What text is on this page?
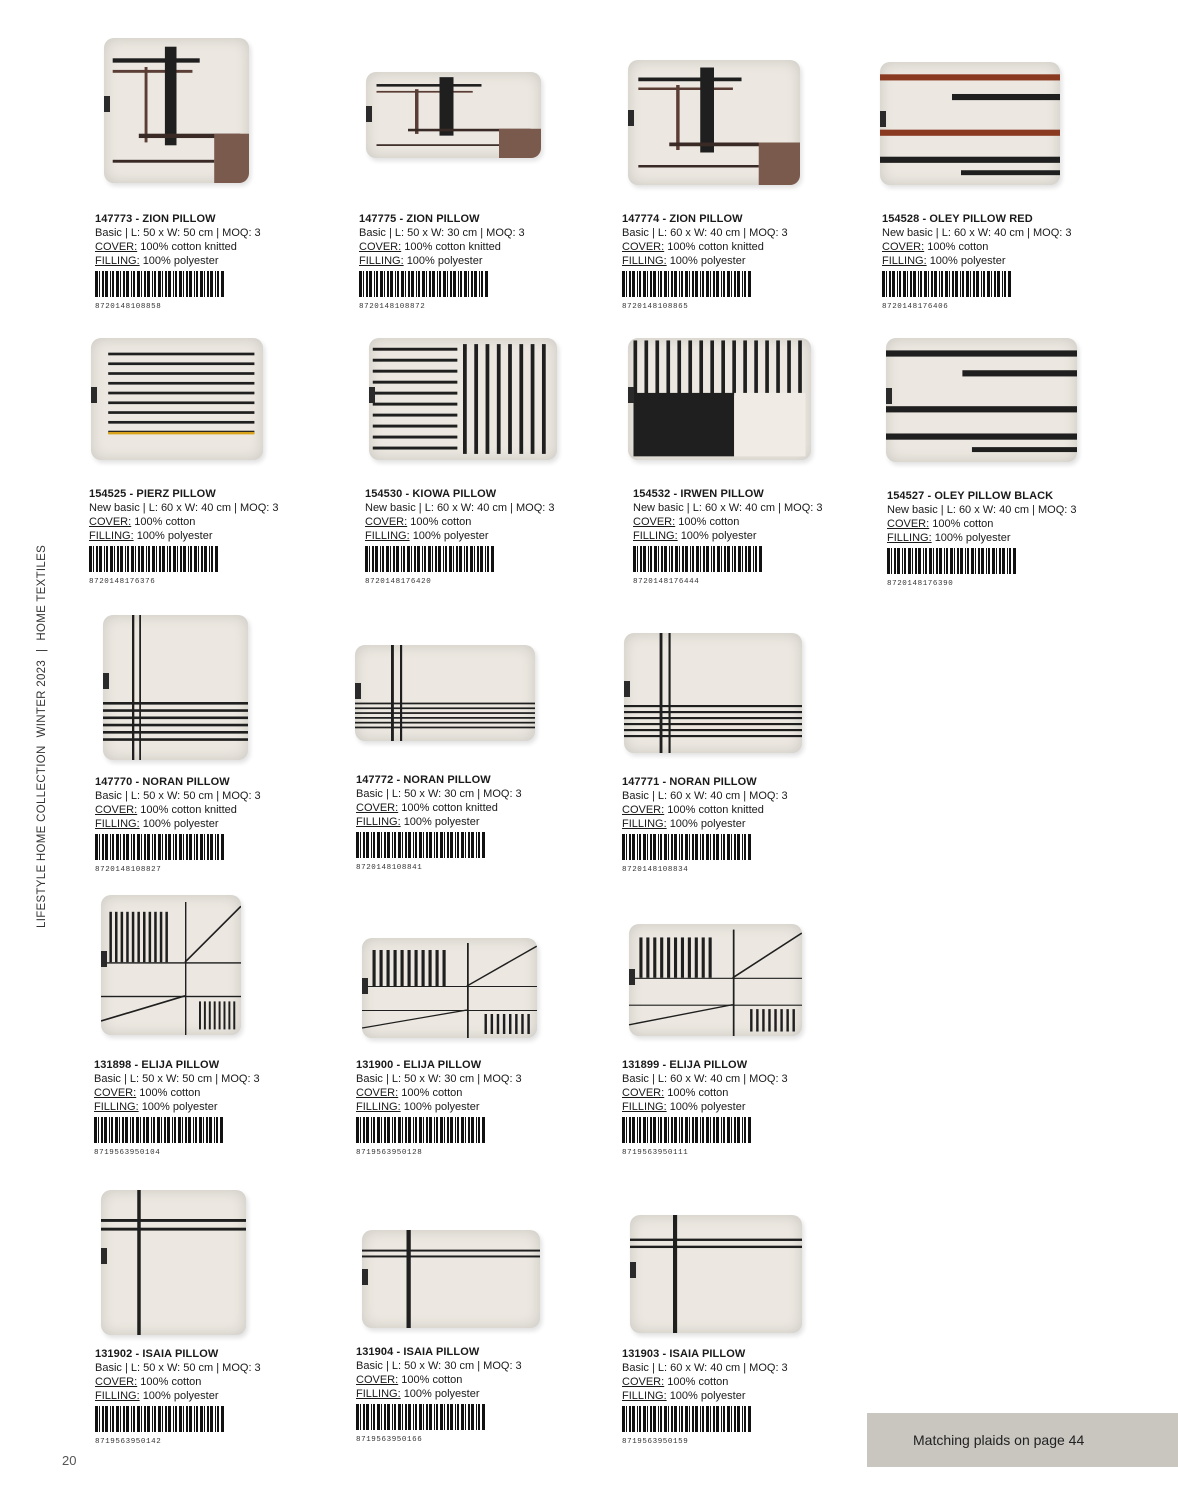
LIFESTYLE HOME COLLECTION
WINTER 2023
|
HOME TEXTILES
147773 - ZION PILLOW
Basic | L: 50 x W: 50 cm | MOQ: 3
COVER: 100% cotton knitted
FILLING: 100% polyester
8720148108858
147775 - ZION PILLOW
Basic | L: 50 x W: 30 cm | MOQ: 3
COVER: 100% cotton knitted
FILLING: 100% polyester
8720148108872
147774 - ZION PILLOW
Basic | L: 60 x W: 40 cm | MOQ: 3
COVER: 100% cotton knitted
FILLING: 100% polyester
8720148108865
154528 - OLEY PILLOW RED
New basic | L: 60 x W: 40 cm | MOQ: 3
COVER: 100% cotton
FILLING: 100% polyester
8720148176406
154525 - PIERZ PILLOW
New basic | L: 60 x W: 40 cm | MOQ: 3
COVER: 100% cotton
FILLING: 100% polyester
8720148176376
154530 - KIOWA PILLOW
New basic | L: 60 x W: 40 cm | MOQ: 3
COVER: 100% cotton
FILLING: 100% polyester
8720148176420
154532 - IRWEN PILLOW
New basic | L: 60 x W: 40 cm | MOQ: 3
COVER: 100% cotton
FILLING: 100% polyester
8720148176444
154527 - OLEY PILLOW BLACK
New basic | L: 60 x W: 40 cm | MOQ: 3
COVER: 100% cotton
FILLING: 100% polyester
8720148176390
147770 - NORAN PILLOW
Basic | L: 50 x W: 50 cm | MOQ: 3
COVER: 100% cotton knitted
FILLING: 100% polyester
8720148108827
147772 - NORAN PILLOW
Basic | L: 50 x W: 30 cm | MOQ: 3
COVER: 100% cotton knitted
FILLING: 100% polyester
8720148108841
147771 - NORAN PILLOW
Basic | L: 60 x W: 40 cm | MOQ: 3
COVER: 100% cotton knitted
FILLING: 100% polyester
8720148108834
131898 - ELIJA PILLOW
Basic | L: 50 x W: 50 cm | MOQ: 3
COVER: 100% cotton
FILLING: 100% polyester
8719563950104
131900 - ELIJA PILLOW
Basic | L: 50 x W: 30 cm | MOQ: 3
COVER: 100% cotton
FILLING: 100% polyester
8719563950128
131899 - ELIJA PILLOW
Basic | L: 60 x W: 40 cm | MOQ: 3
COVER: 100% cotton
FILLING: 100% polyester
8719563950111
131902 - ISAIA PILLOW
Basic | L: 50 x W: 50 cm | MOQ: 3
COVER: 100% cotton
FILLING: 100% polyester
8719563950142
131904 - ISAIA PILLOW
Basic | L: 50 x W: 30 cm | MOQ: 3
COVER: 100% cotton
FILLING: 100% polyester
8719563950166
131903 - ISAIA PILLOW
Basic | L: 60 x W: 40 cm | MOQ: 3
COVER: 100% cotton
FILLING: 100% polyester
8719563950159
20
Matching plaids on page 44
